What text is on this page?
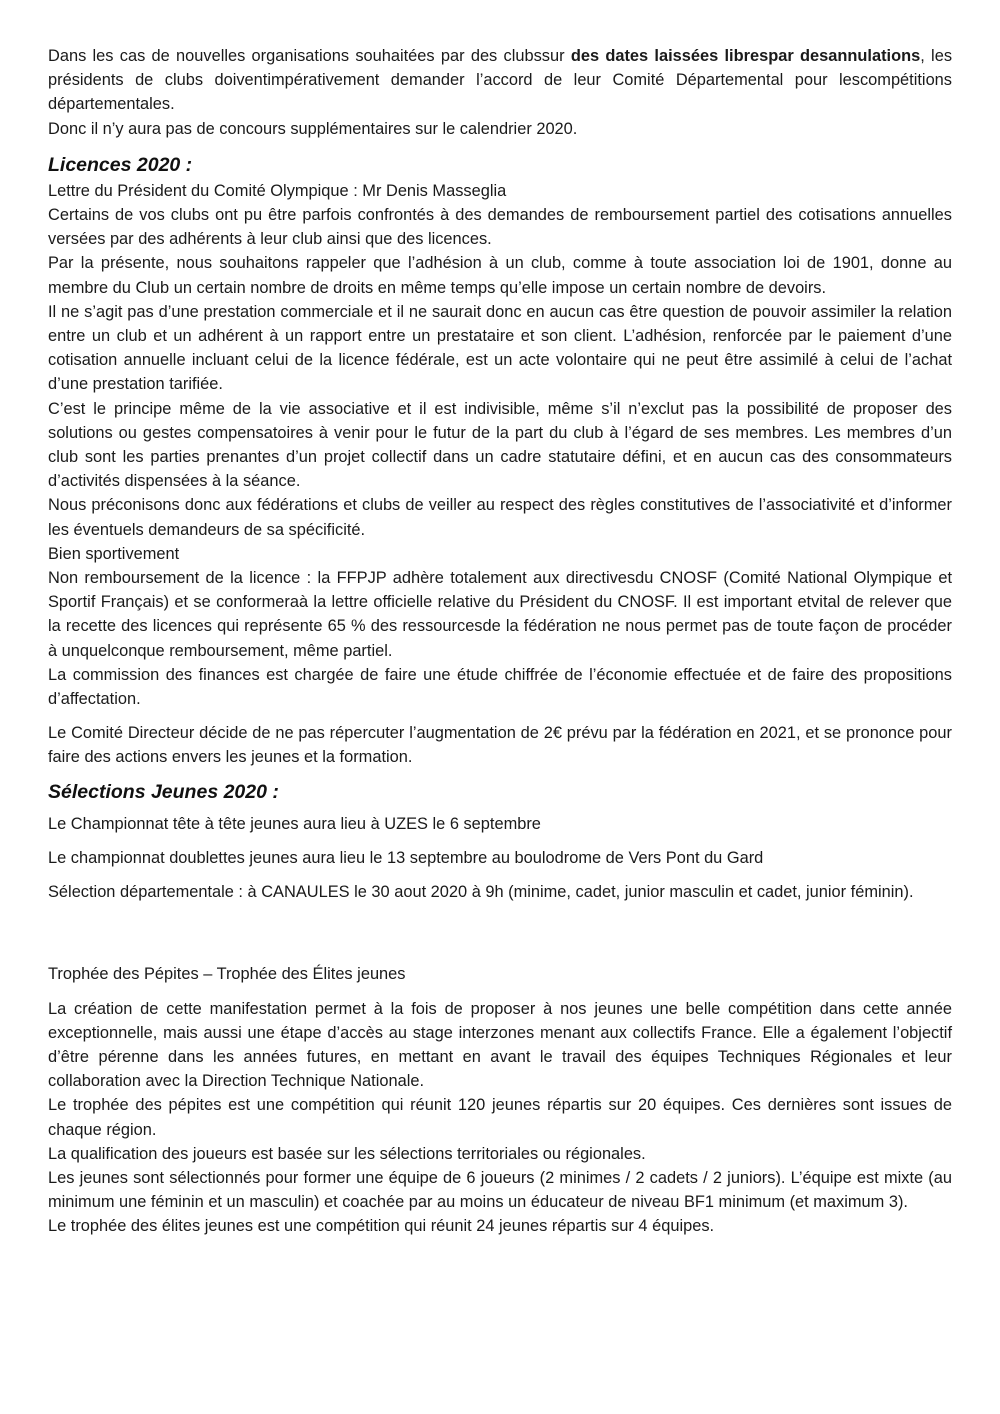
Dans les cas de nouvelles organisations souhaitées par des clubssur des dates laissées librespar desannulations, les présidents de clubs doiventimpérativement demander l’accord de leur Comité Départemental pour lescompétitions départementales.

Donc il n’y aura pas de concours supplémentaires sur le calendrier 2020.

Licences 2020 :

Lettre du Président du Comité Olympique : Mr Denis Masseglia

Certains de vos clubs ont pu être parfois confrontés à des demandes de remboursement partiel des cotisations annuelles versées par des adhérents à leur club ainsi que des licences.

Par la présente, nous souhaitons rappeler que l’adhésion à un club, comme à toute association loi de 1901, donne au membre du Club un certain nombre de droits en même temps qu’elle impose un certain nombre de devoirs.

Il ne s’agit pas d’une prestation commerciale et il ne saurait donc en aucun cas être question de pouvoir assimiler la relation entre un club et un adhérent à un rapport entre un prestataire et son client. L’adhésion, renforcée par le paiement d’une cotisation annuelle incluant celui de la licence fédérale, est un acte volontaire qui ne peut être assimilé à celui de l’achat d’une prestation tarifiée.

C’est le principe même de la vie associative et il est indivisible, même s’il n’exclut pas la possibilité de proposer des solutions ou gestes compensatoires à venir pour le futur de la part du club à l’égard de ses membres. Les membres d’un club sont les parties prenantes d’un projet collectif dans un cadre statutaire défini, et en aucun cas des consommateurs d’activités dispensées à la séance.

Nous préconisons donc aux fédérations et clubs de veiller au respect des règles constitutives de l’associativité et d’informer les éventuels demandeurs de sa spécificité.

Bien sportivement

Non remboursement de la licence : la FFPJP adhère totalement aux directivesdu CNOSF (Comité National Olympique et Sportif Français) et se conformeraà la lettre officielle relative du Président du CNOSF. Il est important etvital de relever que la recette des licences qui représente 65 % des ressourcesde la fédération ne nous permet pas de toute façon de procéder à unquelconque remboursement, même partiel.

La commission des finances est chargée de faire une étude chiffrée de l’économie effectuée et de faire des propositions d’affectation.

Le Comité Directeur décide de ne pas répercuter l’augmentation de 2€ prévu par la fédération en 2021, et se prononce pour faire des actions envers les jeunes et la formation.

Sélections Jeunes 2020 :

Le Championnat tête à tête jeunes aura lieu à UZES le 6 septembre

Le championnat doublettes jeunes aura lieu le 13 septembre au boulodrome de Vers Pont du Gard

Sélection départementale : à CANAULES le 30 aout 2020 à 9h (minime, cadet, junior masculin et cadet, junior féminin).

Trophée des Pépites – Trophée des Élites jeunes

La création de cette manifestation permet à la fois de proposer à nos jeunes une belle compétition dans cette année exceptionnelle, mais aussi une étape d’accès au stage interzones menant aux collectifs France. Elle a également l’objectif d’être pérenne dans les années futures, en mettant en avant le travail des équipes Techniques Régionales et leur collaboration avec la Direction Technique Nationale.

Le trophée des pépites est une compétition qui réunit 120 jeunes répartis sur 20 équipes. Ces dernières sont issues de chaque région.

La qualification des joueurs est basée sur les sélections territoriales ou régionales.

Les jeunes sont sélectionnés pour former une équipe de 6 joueurs (2 minimes / 2 cadets / 2 juniors). L’équipe est mixte (au minimum une féminin et un masculin) et coachée par au moins un éducateur de niveau BF1 minimum (et maximum 3).

Le trophée des élites jeunes est une compétition qui réunit 24 jeunes répartis sur 4 équipes.
